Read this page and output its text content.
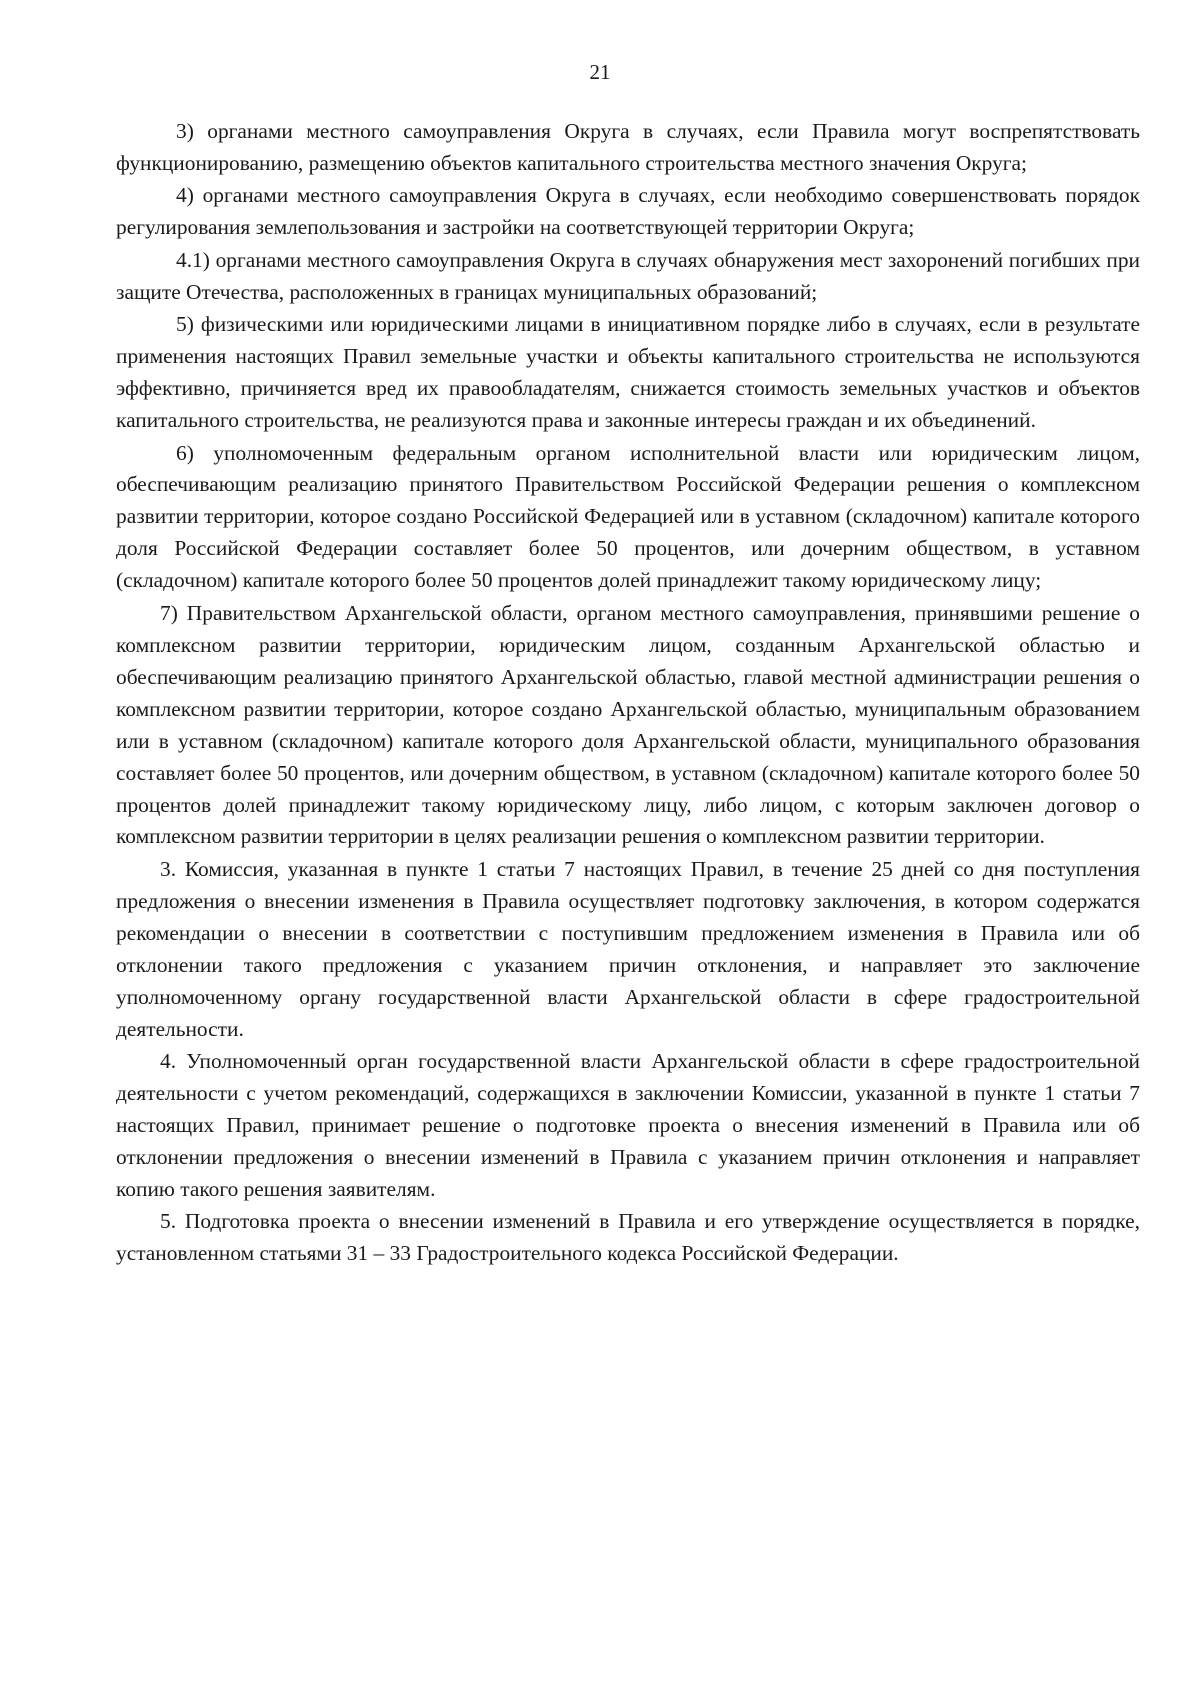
21

3) органами местного самоуправления Округа в случаях, если Правила могут воспрепятствовать функционированию, размещению объектов капитального строительства местного значения Округа;

4) органами местного самоуправления Округа в случаях, если необходимо совершенствовать порядок регулирования землепользования и застройки на соответствующей территории Округа;

4.1) органами местного самоуправления Округа в случаях обнаружения мест захоронений погибших при защите Отечества, расположенных в границах муниципальных образований;

5) физическими или юридическими лицами в инициативном порядке либо в случаях, если в результате применения настоящих Правил земельные участки и объекты капитального строительства не используются эффективно, причиняется вред их правообладателям, снижается стоимость земельных участков и объектов капитального строительства, не реализуются права и законные интересы граждан и их объединений.

6) уполномоченным федеральным органом исполнительной власти или юридическим лицом, обеспечивающим реализацию принятого Правительством Российской Федерации решения о комплексном развитии территории, которое создано Российской Федерацией или в уставном (складочном) капитале которого доля Российской Федерации составляет более 50 процентов, или дочерним обществом, в уставном (складочном) капитале которого более 50 процентов долей принадлежит такому юридическому лицу;

7) Правительством Архангельской области, органом местного самоуправления, принявшими решение о комплексном развитии территории, юридическим лицом, созданным Архангельской областью и обеспечивающим реализацию принятого Архангельской областью, главой местной администрации решения о комплексном развитии территории, которое создано Архангельской областью, муниципальным образованием или в уставном (складочном) капитале которого доля Архангельской области, муниципального образования составляет более 50 процентов, или дочерним обществом, в уставном (складочном) капитале которого более 50 процентов долей принадлежит такому юридическому лицу, либо лицом, с которым заключен договор о комплексном развитии территории в целях реализации решения о комплексном развитии территории.

3. Комиссия, указанная в пункте 1 статьи 7 настоящих Правил, в течение 25 дней со дня поступления предложения о внесении изменения в Правила осуществляет подготовку заключения, в котором содержатся рекомендации о внесении в соответствии с поступившим предложением изменения в Правила или об отклонении такого предложения с указанием причин отклонения, и направляет это заключение уполномоченному органу государственной власти Архангельской области в сфере градостроительной деятельности.

4. Уполномоченный орган государственной власти Архангельской области в сфере градостроительной деятельности с учетом рекомендаций, содержащихся в заключении Комиссии, указанной в пункте 1 статьи 7 настоящих Правил, принимает решение о подготовке проекта о внесения изменений в Правила или об отклонении предложения о внесении изменений в Правила с указанием причин отклонения и направляет копию такого решения заявителям.

5. Подготовка проекта о внесении изменений в Правила и его утверждение осуществляется в порядке, установленном статьями 31 – 33 Градостроительного кодекса Российской Федерации.
